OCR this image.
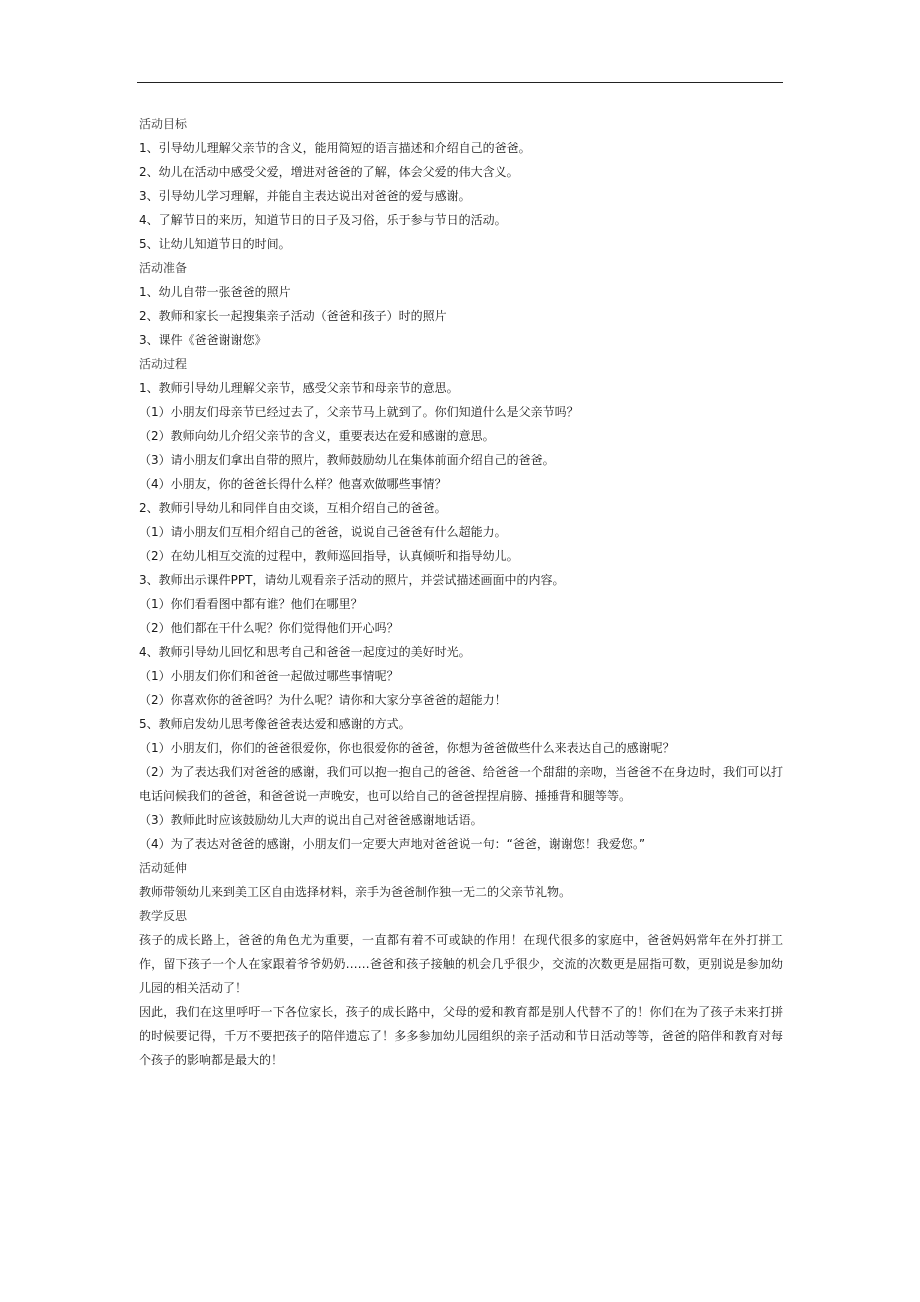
活动目标
1、引导幼儿理解父亲节的含义，能用简短的语言描述和介绍自己的爸爸。
2、幼儿在活动中感受父爱，增进对爸爸的了解，体会父爱的伟大含义。
3、引导幼儿学习理解，并能自主表达说出对爸爸的爱与感谢。
4、了解节日的来历，知道节日的日子及习俗，乐于参与节日的活动。
5、让幼儿知道节日的时间。
活动准备
1、幼儿自带一张爸爸的照片
2、教师和家长一起搜集亲子活动（爸爸和孩子）时的照片
3、课件《爸爸谢谢您》
活动过程
1、教师引导幼儿理解父亲节，感受父亲节和母亲节的意思。
（1）小朋友们母亲节已经过去了，父亲节马上就到了。你们知道什么是父亲节吗？
（2）教师向幼儿介绍父亲节的含义，重要表达在爱和感谢的意思。
（3）请小朋友们拿出自带的照片，教师鼓励幼儿在集体前面介绍自己的爸爸。
（4）小朋友，你的爸爸长得什么样？他喜欢做哪些事情？
2、教师引导幼儿和同伴自由交谈，互相介绍自己的爸爸。
（1）请小朋友们互相介绍自己的爸爸，说说自己爸爸有什么超能力。
（2）在幼儿相互交流的过程中，教师巡回指导，认真倾听和指导幼儿。
3、教师出示课件PPT，请幼儿观看亲子活动的照片，并尝试描述画面中的内容。
（1）你们看看图中都有谁？他们在哪里？
（2）他们都在干什么呢？你们觉得他们开心吗？
4、教师引导幼儿回忆和思考自己和爸爸一起度过的美好时光。
（1）小朋友们你们和爸爸一起做过哪些事情呢？
（2）你喜欢你的爸爸吗？为什么呢？请你和大家分享爸爸的超能力！
5、教师启发幼儿思考像爸爸表达爱和感谢的方式。
（1）小朋友们，你们的爸爸很爱你，你也很爱你的爸爸，你想为爸爸做些什么来表达自己的感谢呢？
（2）为了表达我们对爸爸的感谢，我们可以抱一抱自己的爸爸、给爸爸一个甜甜的亲吻，当爸爸不在身边时，我们可以打电话问候我们的爸爸，和爸爸说一声晚安，也可以给自己的爸爸捏捏肩膀、捶捶背和腿等等。
（3）教师此时应该鼓励幼儿大声的说出自己对爸爸感谢地话语。
（4）为了表达对爸爸的感谢，小朋友们一定要大声地对爸爸说一句：“爸爸，谢谢您！我爱您。”
活动延伸
教师带领幼儿来到美工区自由选择材料，亲手为爸爸制作独一无二的父亲节礼物。
教学反思
孩子的成长路上，爸爸的角色尤为重要，一直都有着不可或缺的作用！在现代很多的家庭中，爸爸妈妈常年在外打拼工作，留下孩子一个人在家跟着爷爷奶奶……爸爸和孩子接触的机会几乎很少，交流的次数更是屈指可数，更别说是参加幼儿园的相关活动了！
因此，我们在这里呼吁一下各位家长，孩子的成长路中，父母的爱和教育都是别人代替不了的！你们在为了孩子未来打拼的时候要记得，千万不要把孩子的陪伴遗忘了！多多参加幼儿园组织的亲子活动和节日活动等等，爸爸的陪伴和教育对每个孩子的影响都是最大的！
